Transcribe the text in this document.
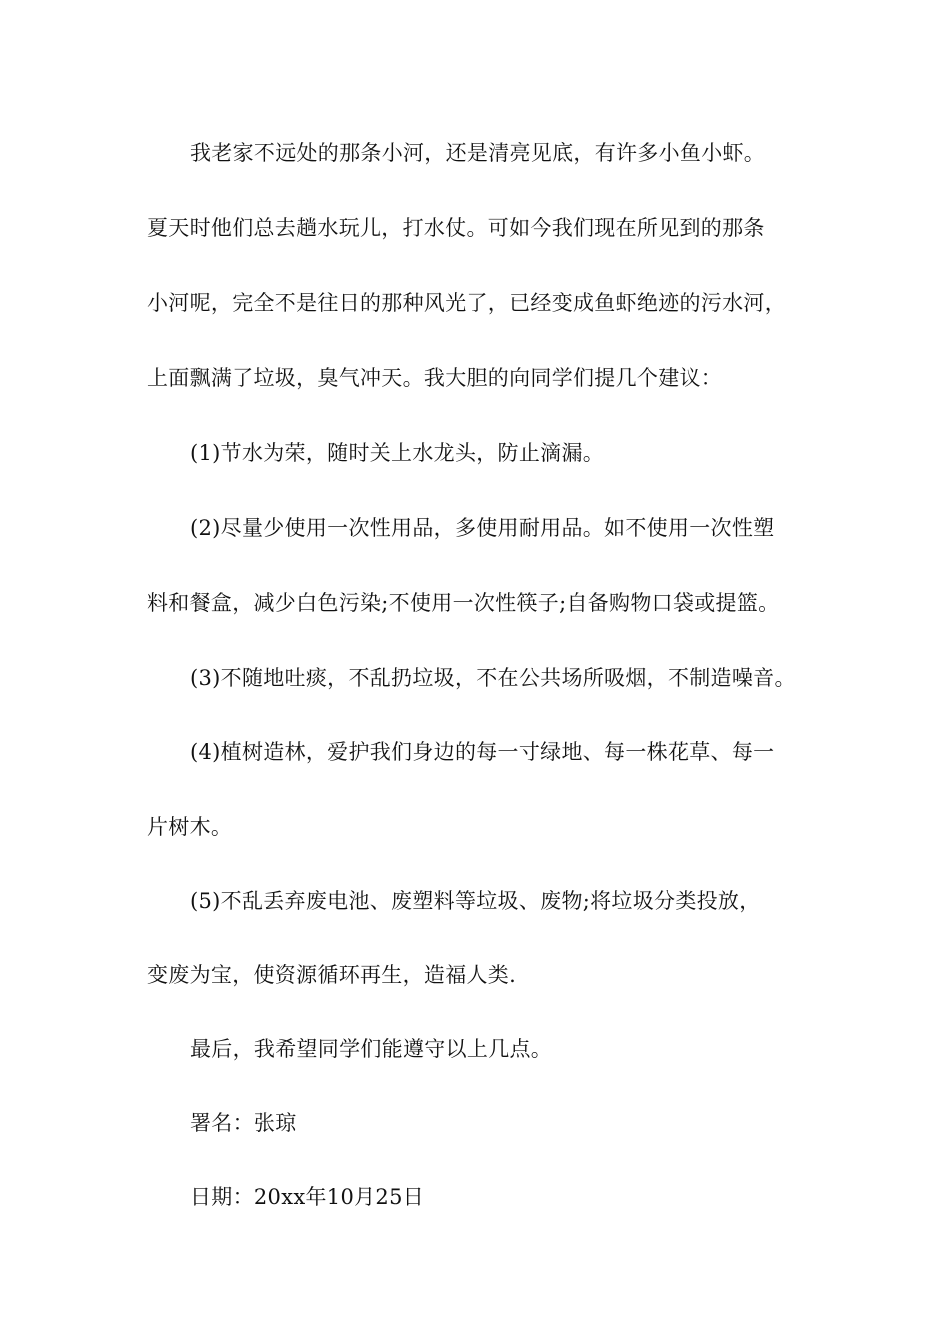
我老家不远处的那条小河，还是清亮见底，有许多小鱼小虾。
夏天时他们总去趟水玩儿，打水仗。可如今我们现在所见到的那条
小河呢，完全不是往日的那种风光了，已经变成鱼虾绝迹的污水河，
上面飘满了垃圾，臭气冲天。我大胆的向同学们提几个建议：
(1)节水为荣，随时关上水龙头，防止滴漏。
(2)尽量少使用一次性用品，多使用耐用品。如不使用一次性塑
料和餐盒，减少白色污染;不使用一次性筷子;自备购物口袋或提篮。
(3)不随地吐痰，不乱扔垃圾，不在公共场所吸烟，不制造噪音。
(4)植树造林，爱护我们身边的每一寸绿地、每一株花草、每一
片树木。
(5)不乱丢弃废电池、废塑料等垃圾、废物;将垃圾分类投放，
变废为宝，使资源循环再生，造福人类.
最后，我希望同学们能遵守以上几点。
署名：张琼
日期：20xx年10月25日
